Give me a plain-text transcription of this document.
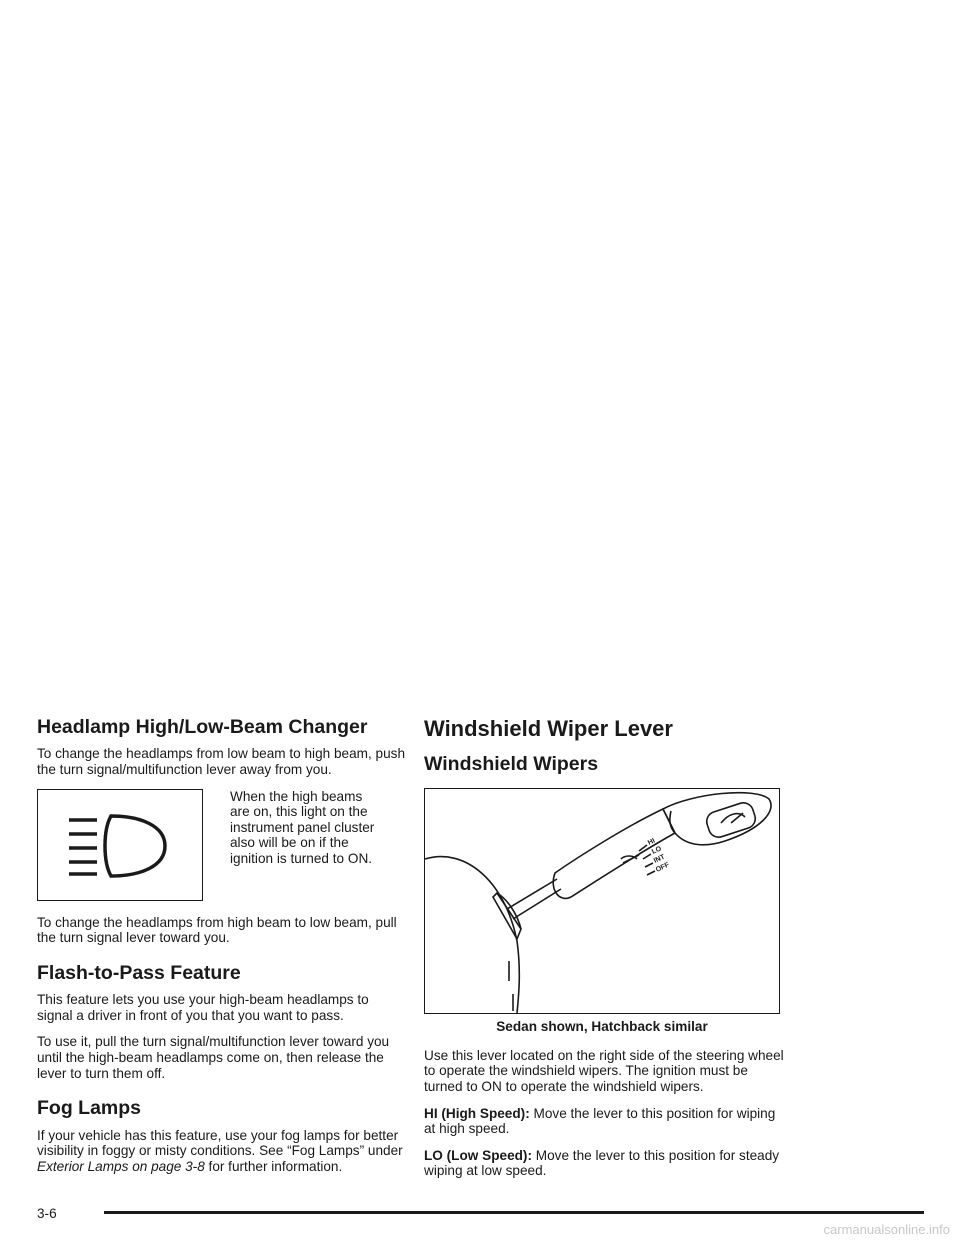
Headlamp High/Low-Beam Changer

To change the headlamps from low beam to high beam, push the turn signal/multifunction lever away from you.

When the high beams are on, this light on the instrument panel cluster also will be on if the ignition is turned to ON.

To change the headlamps from high beam to low beam, pull the turn signal lever toward you.

Flash-to-Pass Feature

This feature lets you use your high-beam headlamps to signal a driver in front of you that you want to pass.

To use it, pull the turn signal/multifunction lever toward you until the high-beam headlamps come on, then release the lever to turn them off.

Fog Lamps

If your vehicle has this feature, use your fog lamps for better visibility in foggy or misty conditions. See “Fog Lamps” under Exterior Lamps on page 3-8 for further information.

Windshield Wiper Lever
Windshield Wipers
HI
LO
INT
OFF
Sedan shown, Hatchback similar

Use this lever located on the right side of the steering wheel to operate the windshield wipers. The ignition must be turned to ON to operate the windshield wipers.

HI (High Speed): Move the lever to this position for wiping at high speed.

LO (Low Speed): Move the lever to this position for steady wiping at low speed.

3-6
carmanualsonline.info
